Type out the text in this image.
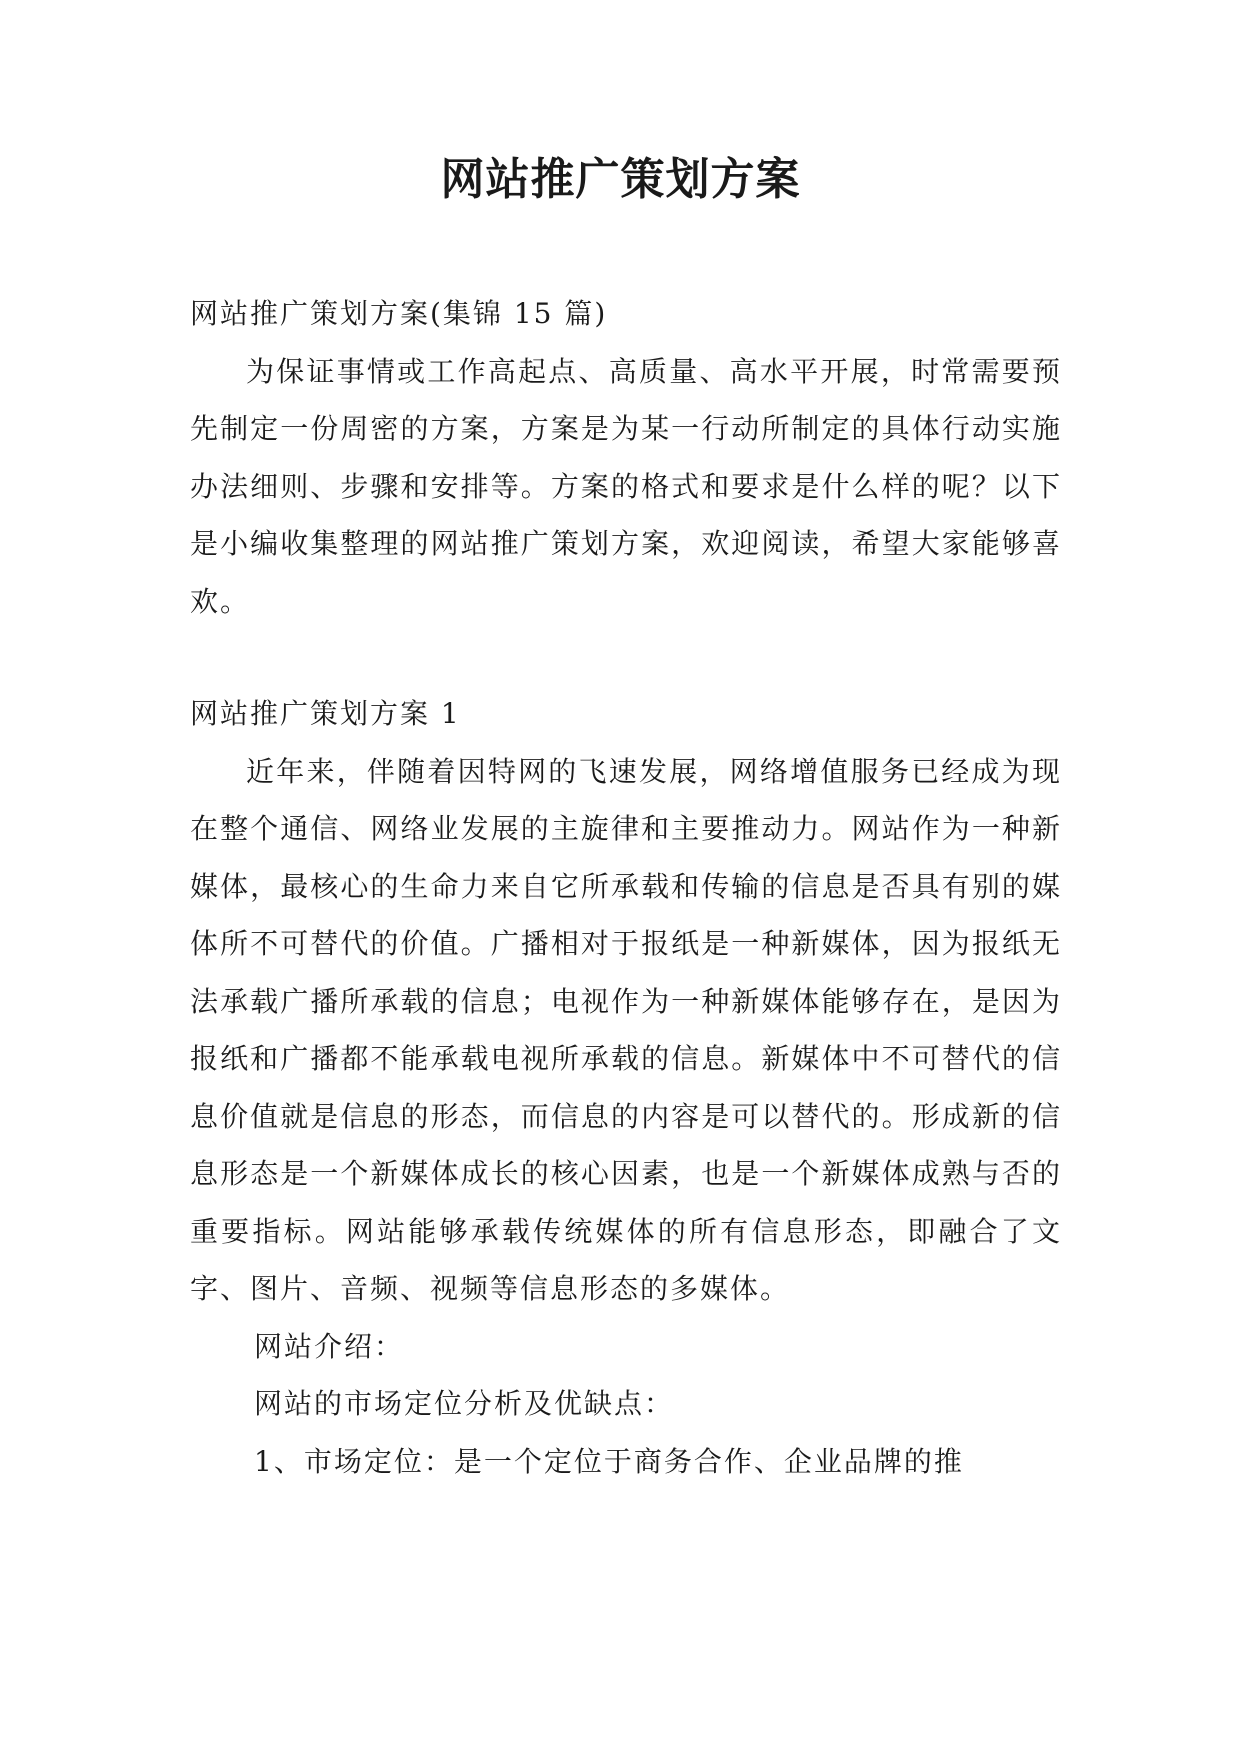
网站推广策划方案

网站推广策划方案(集锦 15 篇)

为保证事情或工作高起点、高质量、高水平开展，时常需要预先制定一份周密的方案，方案是为某一行动所制定的具体行动实施办法细则、步骤和安排等。方案的格式和要求是什么样的呢？以下是小编收集整理的网站推广策划方案，欢迎阅读，希望大家能够喜欢。

网站推广策划方案 1

近年来，伴随着因特网的飞速发展，网络增值服务已经成为现在整个通信、网络业发展的主旋律和主要推动力。网站作为一种新媒体，最核心的生命力来自它所承载和传输的信息是否具有别的媒体所不可替代的价值。广播相对于报纸是一种新媒体，因为报纸无法承载广播所承载的信息；电视作为一种新媒体能够存在，是因为报纸和广播都不能承载电视所承载的信息。新媒体中不可替代的信息价值就是信息的形态，而信息的内容是可以替代的。形成新的信息形态是一个新媒体成长的核心因素，也是一个新媒体成熟与否的重要指标。网站能够承载传统媒体的所有信息形态，即融合了文字、图片、音频、视频等信息形态的多媒体。

网站介绍：

网站的市场定位分析及优缺点：

1、市场定位：是一个定位于商务合作、企业品牌的推
